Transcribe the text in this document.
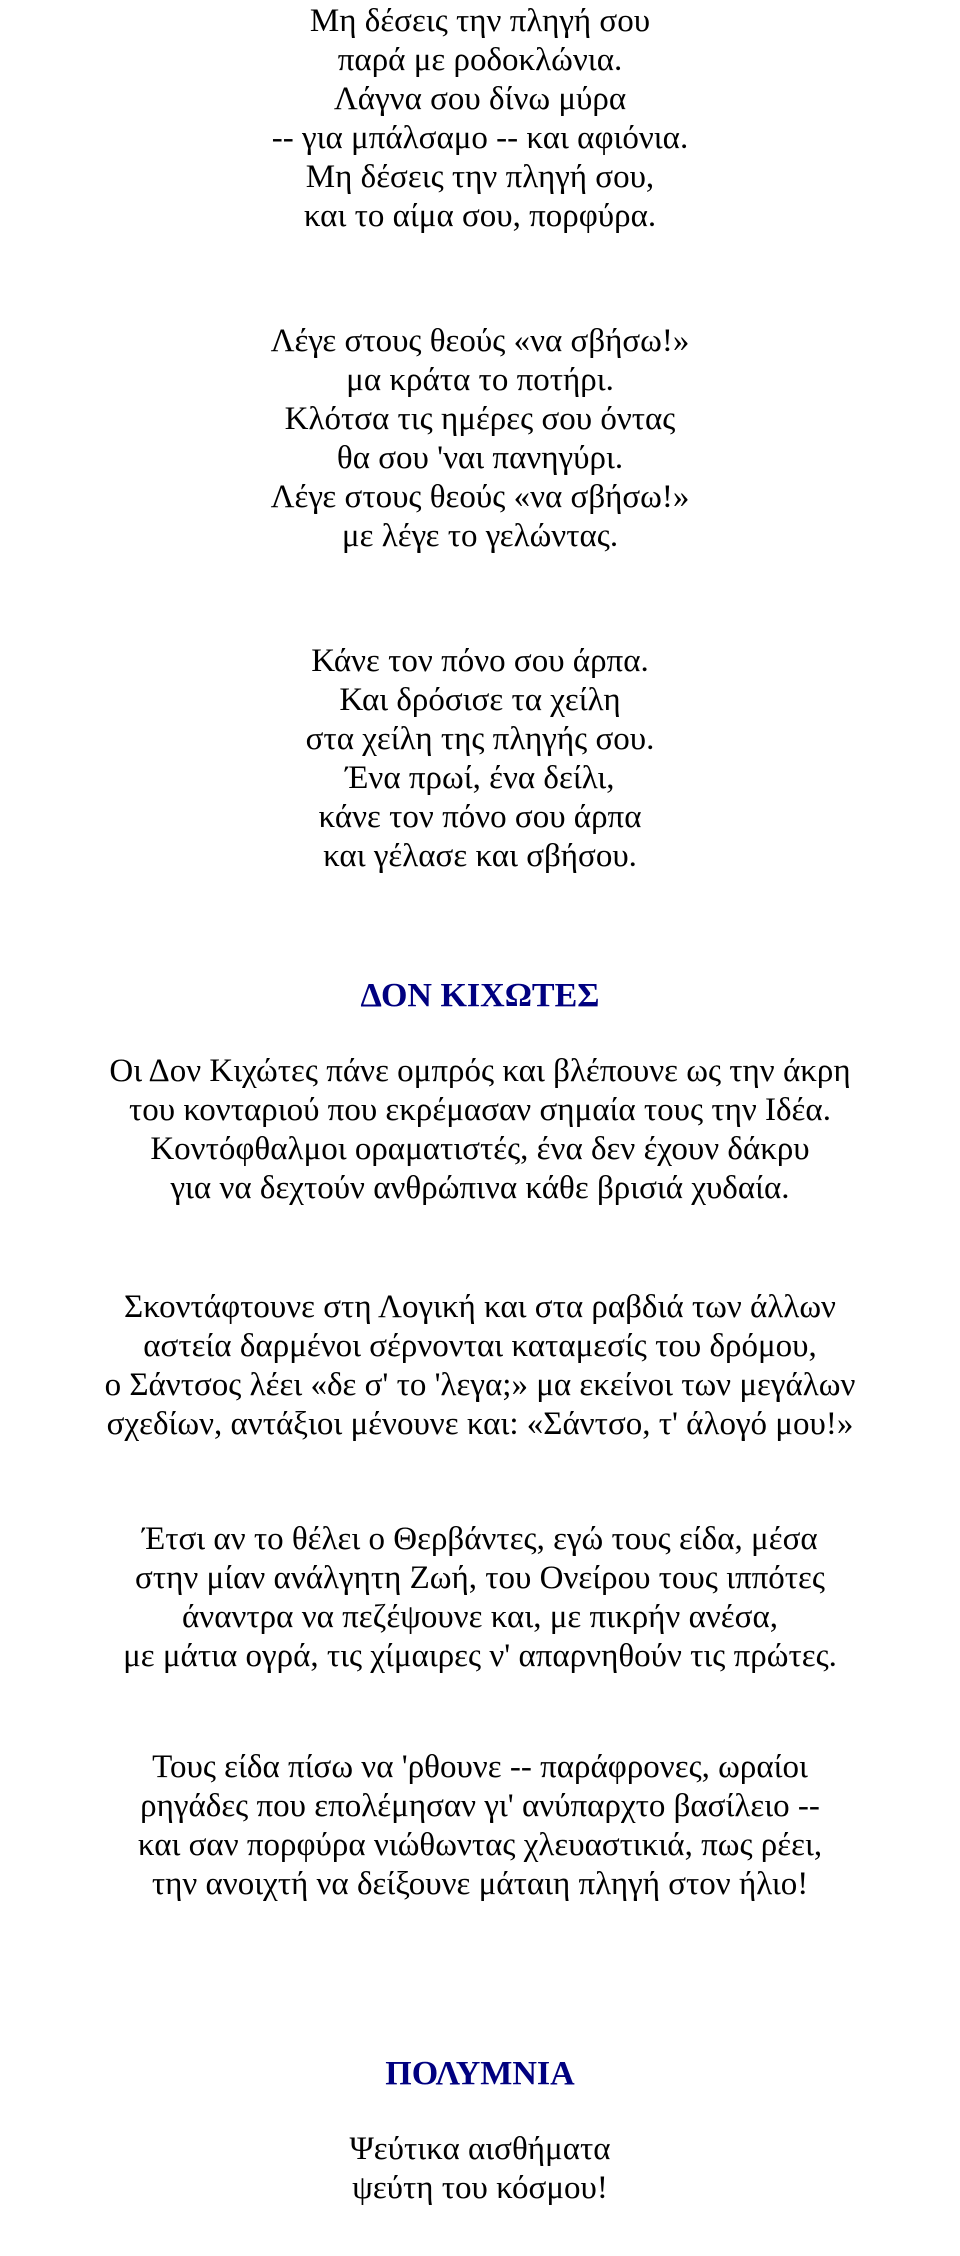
Μη δέσεις την πληγή σου
παρά με ροδοκλώνια.
Λάγνα σου δίνω μύρα
-- για μπάλσαμο -- και αφιόνια.
Μη δέσεις την πληγή σου,
και το αίμα σου, πορφύρα.
Λέγε στους θεούς «να σβήσω!»
μα κράτα το ποτήρι.
Κλότσα τις ημέρες σου όντας
θα σου 'ναι πανηγύρι.
Λέγε στους θεούς «να σβήσω!»
με λέγε το γελώντας.
Κάνε τον πόνο σου άρπα.
Και δρόσισε τα χείλη
στα χείλη της πληγής σου.
Ένα πρωί, ένα δείλι,
κάνε τον πόνο σου άρπα
και γέλασε και σβήσου.
ΔΟΝ ΚΙΧΩΤΕΣ
Οι Δον Κιχώτες πάνε ομπρός και βλέπουνε ως την άκρη
του κονταριού που εκρέμασαν σημαία τους την Ιδέα.
Κοντόφθαλμοι οραματιστές, ένα δεν έχουν δάκρυ
για να δεχτούν ανθρώπινα κάθε βρισιά χυδαία.
Σκοντάφτουνε στη Λογική και στα ραβδιά των άλλων
αστεία δαρμένοι σέρνονται καταμεσίς του δρόμου,
ο Σάντσος λέει «δε σ' το 'λεγα;» μα εκείνοι των μεγάλων
σχεδίων, αντάξιοι μένουνε και: «Σάντσο, τ' άλογό μου!»
Έτσι αν το θέλει ο Θερβάντες, εγώ τους είδα, μέσα
στην μίαν ανάλγητη Ζωή, του Ονείρου τους ιππότες
άναντρα να πεζέψουνε και, με πικρήν ανέσα,
με μάτια ογρά, τις χίμαιρες ν' απαρνηθούν τις πρώτες.
Τους είδα πίσω να 'ρθουνε -- παράφρονες, ωραίοι
ρηγάδες που επολέμησαν γι' ανύπαρχτο βασίλειο --
και σαν πορφύρα νιώθωντας χλευαστικιά, πως ρέει,
την ανοιχτή να δείξουνε μάταιη πληγή στον ήλιο!
ΠΟΛΥΜΝΙΑ
Ψεύτικα αισθήματα
ψεύτη του κόσμου!
